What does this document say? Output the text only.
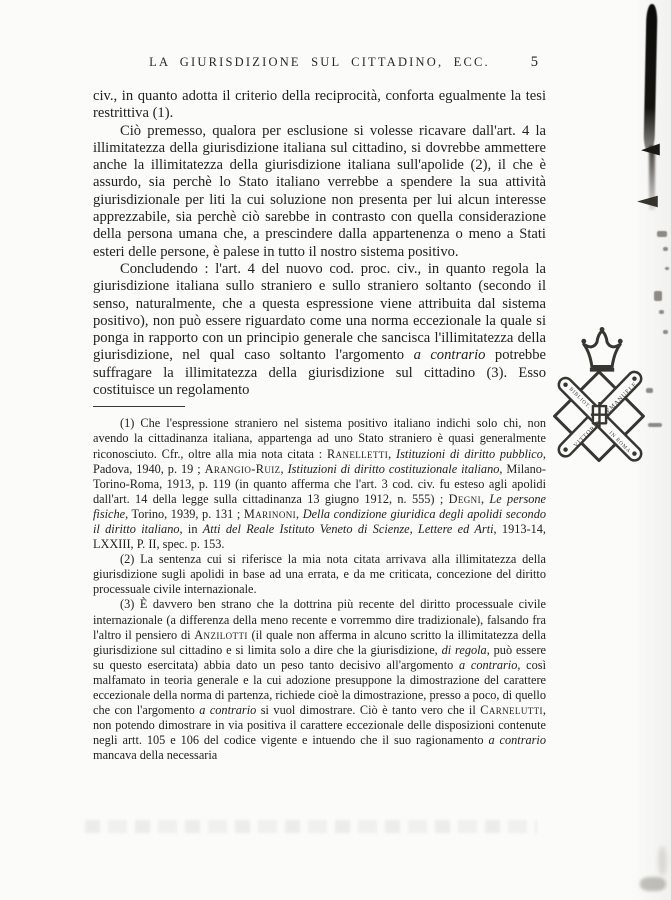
LA GIURISDIZIONE SUL CITTADINO, ECC.	5

civ., in quanto adotta il criterio della reciprocità, conforta egualmente la tesi restrittiva (1).

Ciò premesso, qualora per esclusione si volesse ricavare dall'art. 4 la illimitatezza della giurisdizione italiana sul cittadino, si dovrebbe ammettere anche la illimitatezza della giurisdizione italiana sull'apolide (2), il che è assurdo, sia perchè lo Stato italiano verrebbe a spendere la sua attività giurisdizionale per liti la cui soluzione non presenta per lui alcun interesse apprezzabile, sia perchè ciò sarebbe in contrasto con quella considerazione della persona umana che, a prescindere dalla appartenenza o meno a Stati esteri delle persone, è palese in tutto il nostro sistema positivo.

Concludendo : l'art. 4 del nuovo cod. proc. civ., in quanto regola la giurisdizione italiana sullo straniero e sullo straniero soltanto (secondo il senso, naturalmente, che a questa espressione viene attribuita dal sistema positivo), non può essere riguardato come una norma eccezionale la quale si ponga in rapporto con un principio generale che sancisca l'illimitatezza della giurisdizione, nel qual caso soltanto l'argomento a contrario potrebbe suffragare la illimitatezza della giurisdizione sul cittadino (3). Esso costituisce un regolamento

(1) Che l'espressione straniero nel sistema positivo italiano indichi solo chi, non avendo la cittadinanza italiana, appartenga ad uno Stato straniero è quasi generalmente riconosciuto. Cfr., oltre alla mia nota citata : Ranelletti, Istituzioni di diritto pubblico, Padova, 1940, p. 19 ; Arangio-Ruiz, Istituzioni di diritto costituzionale italiano, Milano-Torino-Roma, 1913, p. 119 (in quanto afferma che l'art. 3 cod. civ. fu esteso agli apolidi dall'art. 14 della legge sulla cittadinanza 13 giugno 1912, n. 555) ; Degni, Le persone fisiche, Torino, 1939, p. 131 ; Marinoni, Della condizione giuridica degli apolidi secondo il diritto italiano, in Atti del Reale Istituto Veneto di Scienze, Lettere ed Arti, 1913-14, LXXIII, P. II, spec. p. 153.

(2) La sentenza cui si riferisce la mia nota citata arrivava alla illimitatezza della giurisdizione sugli apolidi in base ad una errata, e da me criticata, concezione del diritto processuale civile internazionale.

(3) È davvero ben strano che la dottrina più recente del diritto processuale civile internazionale (a differenza della meno recente e vorremmo dire tradizionale), falsando fra l'altro il pensiero di Anzilotti (il quale non afferma in alcuno scritto la illimitatezza della giurisdizione sul cittadino e si limita solo a dire che la giurisdizione, di regola, può essere su questo esercitata) abbia dato un peso tanto decisivo all'argomento a contrario, così malfamato in teoria generale e la cui adozione presuppone la dimostrazione del carattere eccezionale della norma di partenza, richiede cioè la dimostrazione, presso a poco, di quello che con l'argomento a contrario si vuol dimostrare. Ciò è tanto vero che il Carnelutti, non potendo dimostrare in via positiva il carattere eccezionale delle disposizioni contenute negli artt. 105 e 106 del codice vigente e intuendo che il suo ragionamento a contrario mancava della necessaria

VITTORIO
EMANUELE
BIBLIOT.
IN ROMA
